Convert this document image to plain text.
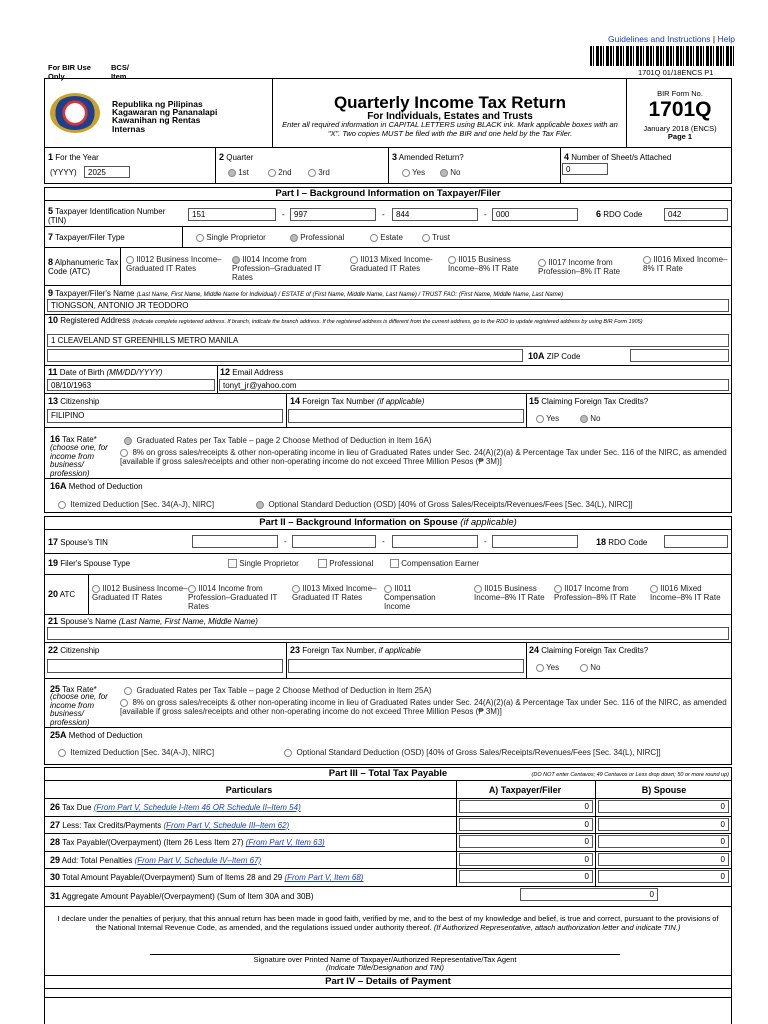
Guidelines and Instructions | Help
1701Q 01/18ENCS P1
For BIR Use Only
BCS/ Item
Republika ng Pilipinas
Kagawaran ng Pananalapi
Kawanihan ng Rentas Internas
Quarterly Income Tax Return
For Individuals, Estates and Trusts
Enter all required information in CAPITAL LETTERS using BLACK ink. Mark applicable boxes with an "X". Two copies MUST be filed with the BIR and one held by the Tax Filer.
BIR Form No.
1701Q
January 2018 (ENCS)
Page 1
1 For the Year
(YYYY)	2025
2 Quarter
1st	2nd	3rd
3 Amended Return?
Yes	No
4 Number of Sheet/s Attached
0
Part I – Background Information on Taxpayer/Filer
5 Taxpayer Identification Number (TIN)
151	-	997	-	844	-	000	6 RDO Code	042
7 Taxpayer/Filer Type	Single Proprietor	Professional	Estate	Trust
8 Alphanumeric Tax Code (ATC)
II012 Business Income–Graduated IT Rates
II014 Income from Profession–Graduated IT Rates
II013 Mixed Income-Graduated IT Rates
II015 Business Income–8% IT Rate
II017 Income from Profession–8% IT Rate
II016 Mixed Income–8% IT Rate
9 Taxpayer/Filer's Name (Last Name, First Name, Middle Name for Individual) / ESTATE of (First Name, Middle Name, Last Name) / TRUST FAO: (First Name, Middle Name, Last Name)
TIONGSON, ANTONIO JR TEODORO
10 Registered Address (Indicate complete registered address. If branch, indicate the branch address. If the registered address is different from the current address, go to the RDO to update registered address by using BIR Form 1905)
1 CLEAVELAND ST GREENHILLS METRO MANILA
10A ZIP Code
11 Date of Birth (MM/DD/YYYY)
08/10/1963
12 Email Address
tonyt_jr@yahoo.com
13 Citizenship
FILIPINO
14 Foreign Tax Number (if applicable)	15 Claiming Foreign Tax Credits?
Yes	No
16 Tax Rate*
(choose one, for income from business/ profession)
Graduated Rates per Tax Table – page 2 Choose Method of Deduction in Item 16A)
8% on gross sales/receipts & other non-operating income in lieu of Graduated Rates under Sec. 24(A)(2)(a) & Percentage Tax under Sec. 116 of the NIRC, as amended [available if gross sales/receipts and other non-operating income do not exceed Three Million Pesos (₱ 3M)]
16A Method of Deduction
Itemized Deduction [Sec. 34(A-J), NIRC]	Optional Standard Deduction (OSD) [40% of Gross Sales/Receipts/Revenues/Fees [Sec. 34(L), NIRC]]
Part II – Background Information on Spouse (if applicable)
17 Spouse's TIN	-	-	-	18 RDO Code
19 Filer's Spouse Type	Single Proprietor	Professional	Compensation Earner
20 ATC
II012 Business Income–Graduated IT Rates
II014 Income from Profession–Graduated IT Rates
II013 Mixed Income–Graduated IT Rates
II011 Compensation Income
II015 Business Income–8% IT Rate
II017 Income from Profession–8% IT Rate
II016 Mixed Income–8% IT Rate
21 Spouse's Name (Last Name, First Name, Middle Name)
22 Citizenship	23 Foreign Tax Number, if applicable	24 Claiming Foreign Tax Credits?
Yes	No
25 Tax Rate*
(choose one, for income from business/ profession)
Graduated Rates per Tax Table – page 2 Choose Method of Deduction in Item 25A)
8% on gross sales/receipts & other non-operating income in lieu of Graduated Rates under Sec. 24(A)(2)(a) & Percentage Tax under Sec. 116 of the NIRC, as amended [available if gross sales/receipts and other non-operating income do not exceed Three Million Pesos (₱ 3M)]
25A Method of Deduction
Itemized Deduction [Sec. 34(A-J), NIRC]	Optional Standard Deduction (OSD) [40% of Gross Sales/Receipts/Revenues/Fees [Sec. 34(L), NIRC]]
Part III – Total Tax Payable	(DO NOT enter Centavos; 49 Centavos or Less drop down; 50 or more round up)
Particulars	A) Taxpayer/Filer	B) Spouse
26 Tax Due (From Part V, Schedule I-Item 46 OR Schedule II–Item 54)	0	0
27 Less: Tax Credits/Payments (From Part V, Schedule III–Item 62)	0	0
28 Tax Payable/(Overpayment) (Item 26 Less Item 27) (From Part V, Item 63)	0	0
29 Add: Total Penalties (From Part V, Schedule IV–Item 67)	0	0
30 Total Amount Payable/(Overpayment) Sum of Items 28 and 29 (From Part V, Item 68)	0	0
31 Aggregate Amount Payable/(Overpayment) (Sum of Item 30A and 30B)	0
I declare under the penalties of perjury, that this annual return has been made in good faith, verified by me, and to the best of my knowledge and belief, is true and correct, pursuant to the provisions of the National Internal Revenue Code, as amended, and the regulations issued under authority thereof. (If Authorized Representative, attach authorization letter and indicate TIN.)
Signature over Printed Name of Taxpayer/Authorized Representative/Tax Agent
(Indicate Title/Designation and TIN)
Part IV – Details of Payment
